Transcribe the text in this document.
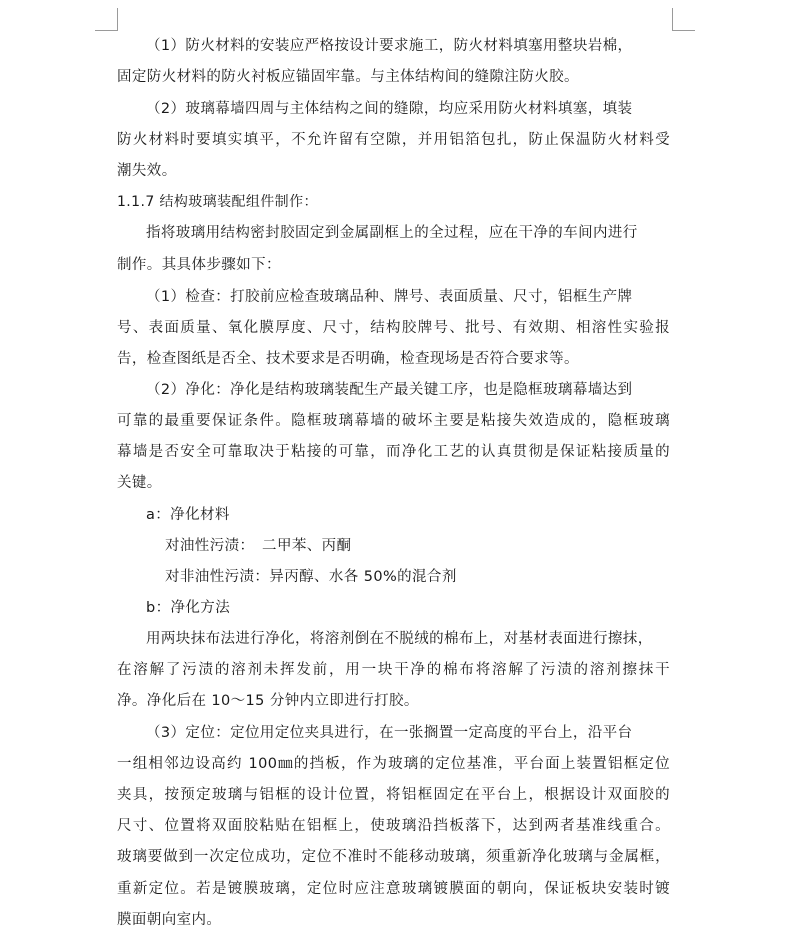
（1）防火材料的安装应严格按设计要求施工，防火材料填塞用整块岩棉，
固定防火材料的防火衬板应锚固牢靠。与主体结构间的缝隙注防火胶。
（2）玻璃幕墙四周与主体结构之间的缝隙，均应采用防火材料填塞，填装
防火材料时要填实填平，不允许留有空隙，并用铝箔包扎，防止保温防火材料受
潮失效。
1.1.7 结构玻璃装配组件制作：
指将玻璃用结构密封胶固定到金属副框上的全过程，应在干净的车间内进行
制作。其具体步骤如下：
（1）检查：打胶前应检查玻璃品种、牌号、表面质量、尺寸，铝框生产牌
号、表面质量、氧化膜厚度、尺寸，结构胶牌号、批号、有效期、相溶性实验报
告，检查图纸是否全、技术要求是否明确，检查现场是否符合要求等。
（2）净化：净化是结构玻璃装配生产最关键工序，也是隐框玻璃幕墙达到
可靠的最重要保证条件。隐框玻璃幕墙的破坏主要是粘接失效造成的，隐框玻璃
幕墙是否安全可靠取决于粘接的可靠，而净化工艺的认真贯彻是保证粘接质量的
关键。
a：净化材料
对油性污渍：　二甲苯、丙酮
对非油性污渍：异丙醇、水各 50%的混合剂
b：净化方法
用两块抹布法进行净化，将溶剂倒在不脱绒的棉布上，对基材表面进行擦抹，
在溶解了污渍的溶剂未挥发前，用一块干净的棉布将溶解了污渍的溶剂擦抹干
净。净化后在 10～15 分钟内立即进行打胶。
（3）定位：定位用定位夹具进行，在一张搁置一定高度的平台上，沿平台
一组相邻边设高约 100㎜的挡板，作为玻璃的定位基准，平台面上装置铝框定位
夹具，按预定玻璃与铝框的设计位置，将铝框固定在平台上，根据设计双面胶的
尺寸、位置将双面胶粘贴在铝框上，使玻璃沿挡板落下，达到两者基准线重合。
玻璃要做到一次定位成功，定位不准时不能移动玻璃，须重新净化玻璃与金属框，
重新定位。若是镀膜玻璃，定位时应注意玻璃镀膜面的朝向，保证板块安装时镀
膜面朝向室内。
